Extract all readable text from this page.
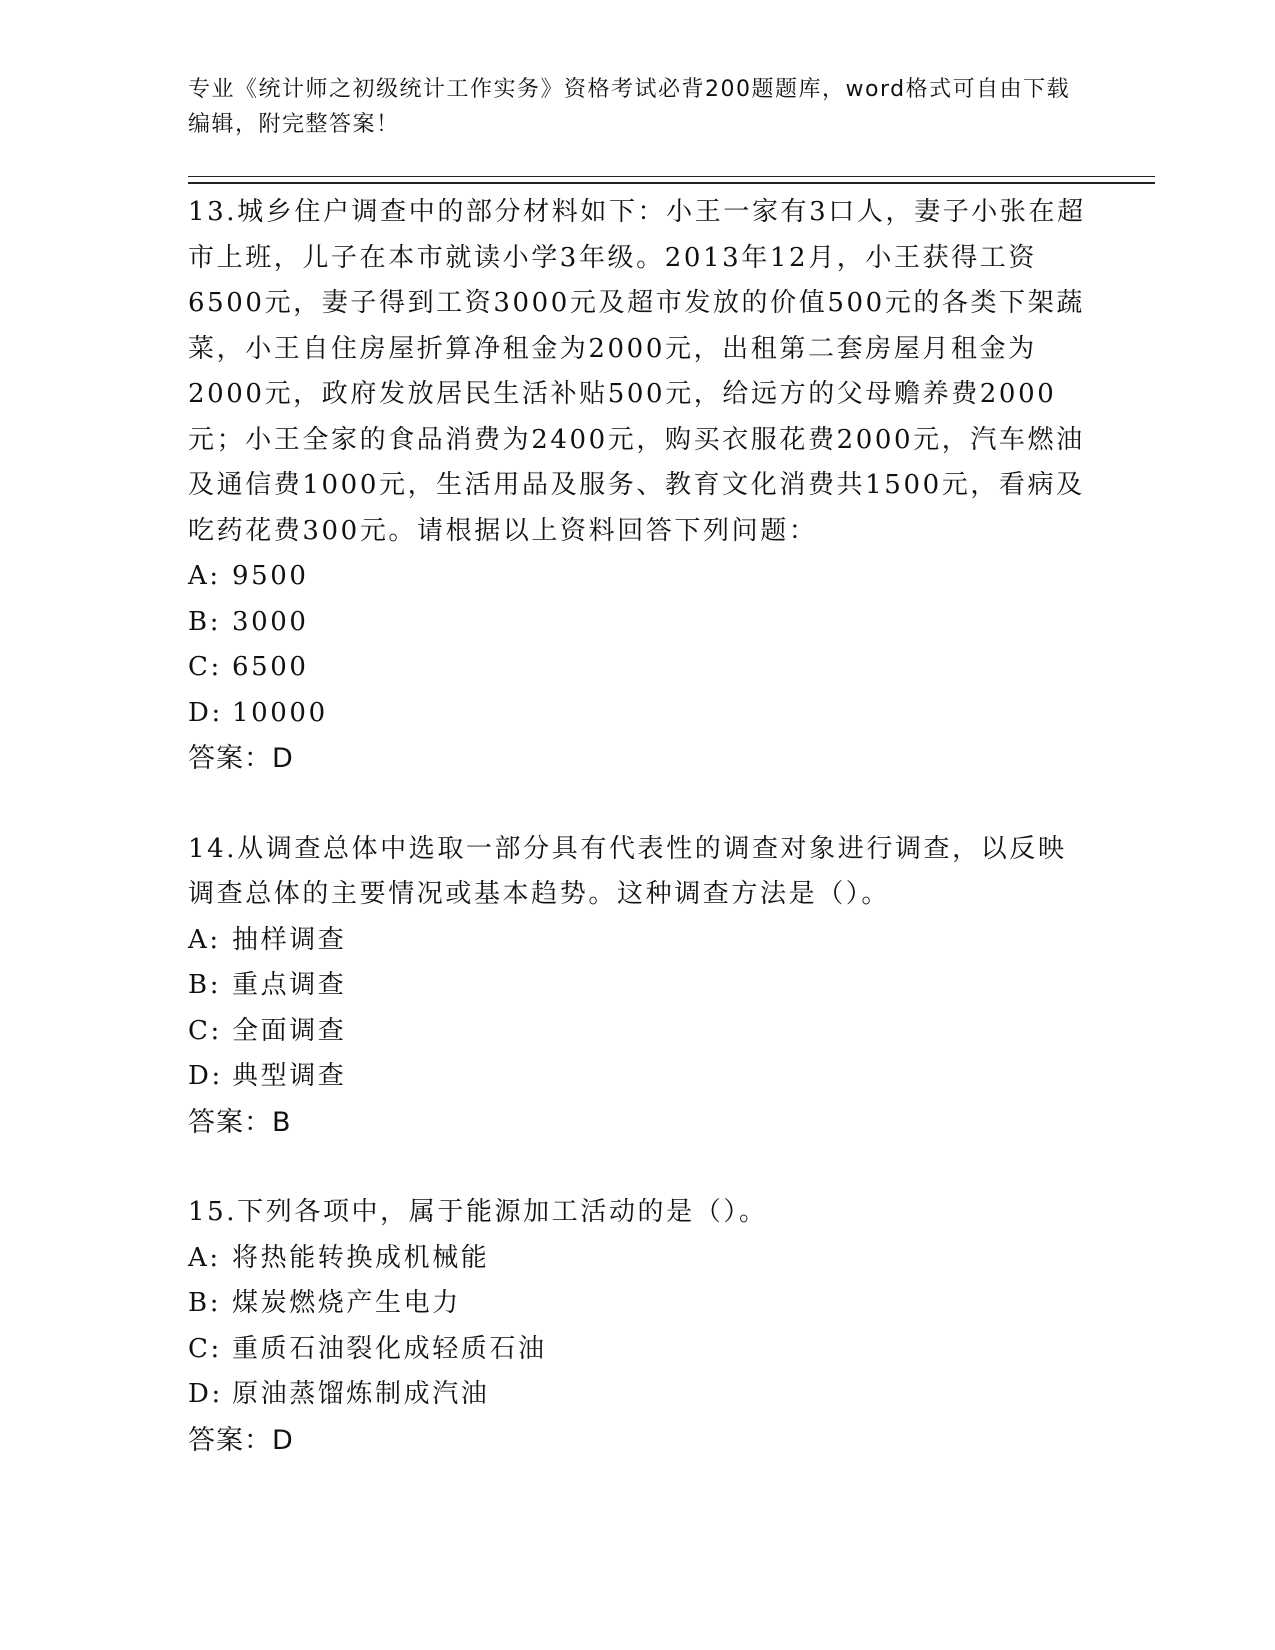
专业《统计师之初级统计工作实务》资格考试必背200题题库，word格式可自由下载编辑，附完整答案！

13.城乡住户调查中的部分材料如下：小王一家有3口人，妻子小张在超市上班，儿子在本市就读小学3年级。2013年12月，小王获得工资6500元，妻子得到工资3000元及超市发放的价值500元的各类下架蔬菜，小王自住房屋折算净租金为2000元，出租第二套房屋月租金为2000元，政府发放居民生活补贴500元，给远方的父母赡养费2000元；小王全家的食品消费为2400元，购买衣服花费2000元，汽车燃油及通信费1000元，生活用品及服务、教育文化消费共1500元，看病及吃药花费300元。请根据以上资料回答下列问题：

A: 9500

B: 3000

C: 6500

D: 10000

答案：D

14.从调查总体中选取一部分具有代表性的调查对象进行调查，以反映调查总体的主要情况或基本趋势。这种调查方法是（）。

A: 抽样调查

B: 重点调查

C: 全面调查

D: 典型调查

答案：B

15.下列各项中，属于能源加工活动的是（）。

A: 将热能转换成机械能

B: 煤炭燃烧产生电力

C: 重质石油裂化成轻质石油

D: 原油蒸馏炼制成汽油

答案：D
